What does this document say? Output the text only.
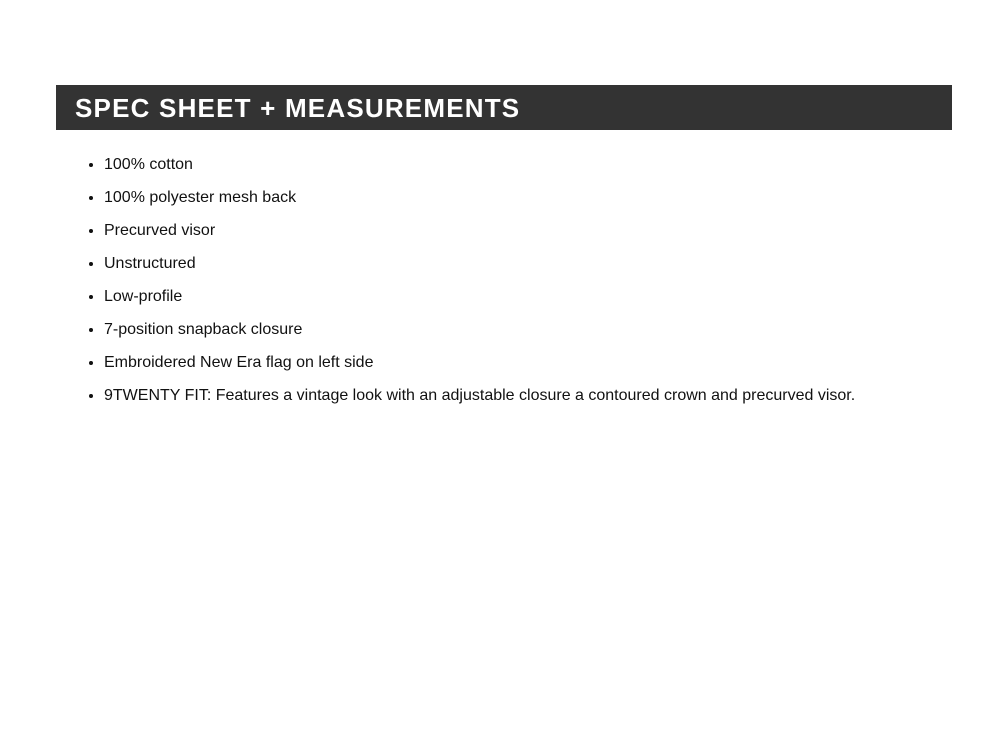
SPEC SHEET + MEASUREMENTS
100% cotton
100% polyester mesh back
Precurved visor
Unstructured
Low-profile
7-position snapback closure
Embroidered New Era flag on left side
9TWENTY FIT: Features a vintage look with an adjustable closure a contoured crown and precurved visor.
